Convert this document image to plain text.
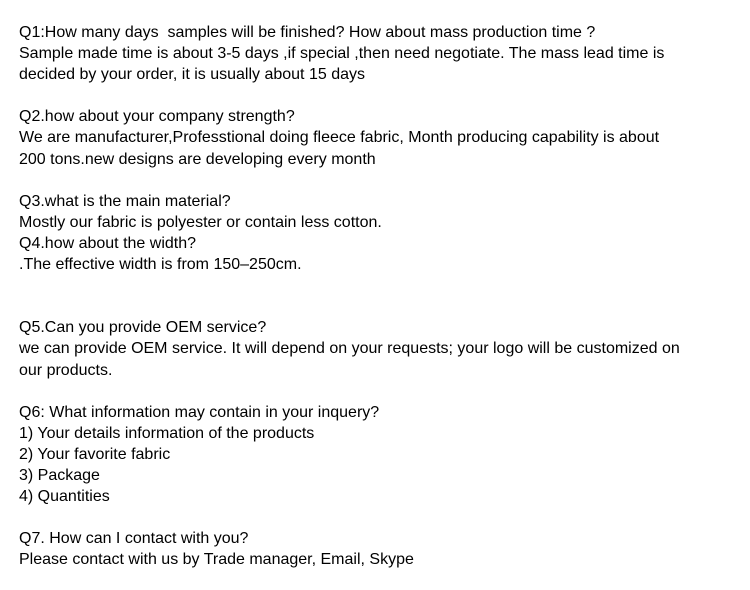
Q1:How many days  samples will be finished? How about mass production time ?
Sample made time is about 3-5 days ,if special ,then need negotiate. The mass lead time is
decided by your order, it is usually about 15 days
Q2.how about your company strength?
We are manufacturer,Professtional doing fleece fabric, Month producing capability is about
200 tons.new designs are developing every month
Q3.what is the main material?
Mostly our fabric is polyester or contain less cotton.
Q4.how about the width?
.The effective width is from 150–250cm.
Q5.Can you provide OEM service?
we can provide OEM service. It will depend on your requests; your logo will be customized on
our products.
Q6: What information may contain in your inquery?
1) Your details information of the products
2) Your favorite fabric
3) Package
4) Quantities
Q7. How can I contact with you?
Please contact with us by Trade manager, Email, Skype
